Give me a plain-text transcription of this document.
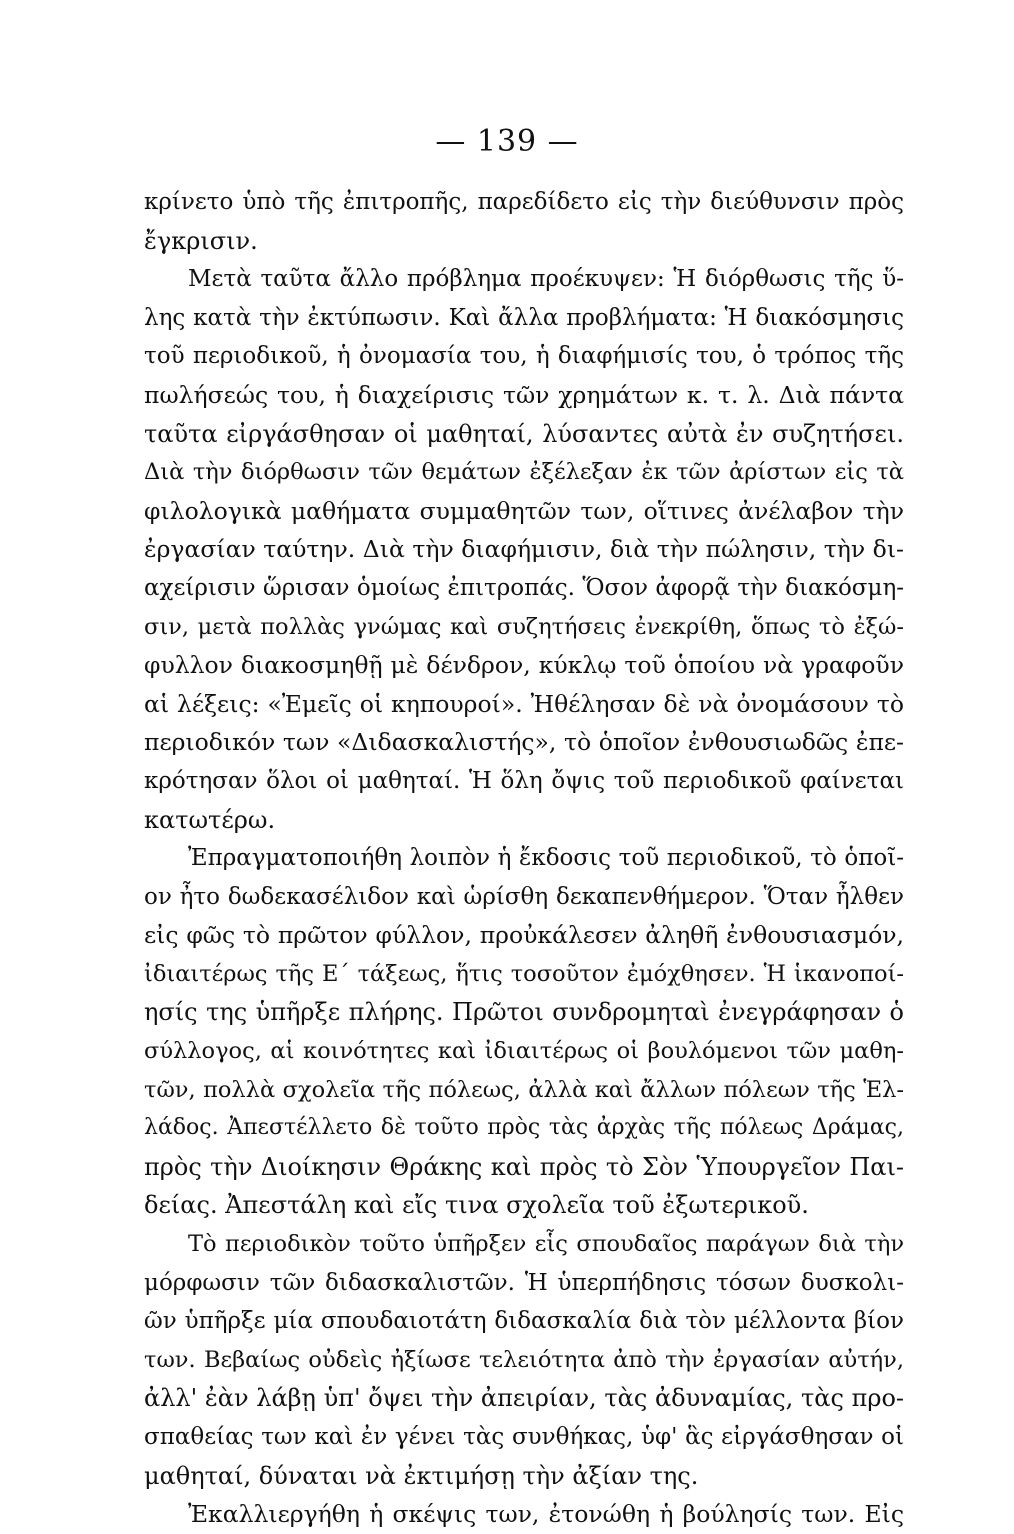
— 139 —
κρίνετο ὑπὸ τῆς ἐπιτροπῆς, παρεδίδετο εἰς τὴν διεύθυνσιν πρὸς
ἔγκρισιν.
Μετὰ ταῦτα ἄλλο πρόβλημα προέκυψεν: Ἡ διόρθωσις τῆς ὕ-
λης κατὰ τὴν ἐκτύπωσιν. Καὶ ἄλλα προβλήματα: Ἡ διακόσμησις
τοῦ περιοδικοῦ, ἡ ὀνομασία του, ἡ διαφήμισίς του, ὁ τρόπος τῆς
πωλήσεώς του, ἡ διαχείρισις τῶν χρημάτων κ. τ. λ. Διὰ πάντα
ταῦτα εἰργάσθησαν οἱ μαθηταί, λύσαντες αὐτὰ ἐν συζητήσει.
Διὰ τὴν διόρθωσιν τῶν θεμάτων ἐξέλεξαν ἐκ τῶν ἀρίστων εἰς τὰ
φιλολογικὰ μαθήματα συμμαθητῶν των, οἵτινες ἀνέλαβον τὴν
ἐργασίαν ταύτην. Διὰ τὴν διαφήμισιν, διὰ τὴν πώλησιν, τὴν δι-
αχείρισιν ὥρισαν ὁμοίως ἐπιτροπάς. Ὅσον ἀφορᾷ τὴν διακόσμη-
σιν, μετὰ πολλὰς γνώμας καὶ συζητήσεις ἐνεκρίθη, ὅπως τὸ ἐξώ-
φυλλον διακοσμηθῇ μὲ δένδρον, κύκλῳ τοῦ ὁποίου νὰ γραφοῦν
αἱ λέξεις: «Ἐμεῖς οἱ κηπουροί». Ἠθέλησαν δὲ νὰ ὀνομάσουν τὸ
περιοδικόν των «Διδασκαλιστής», τὸ ὁποῖον ἐνθουσιωδῶς ἐπε-
κρότησαν ὅλοι οἱ μαθηταί. Ἡ ὅλη ὄψις τοῦ περιοδικοῦ φαίνεται
κατωτέρω.
Ἐπραγματοποιήθη λοιπὸν ἡ ἔκδοσις τοῦ περιοδικοῦ, τὸ ὁποῖ-
ον ἦτο δωδεκασέλιδον καὶ ὡρίσθη δεκαπενθήμερον. Ὅταν ἦλθεν
εἰς φῶς τὸ πρῶτον φύλλον, προὐκάλεσεν ἀληθῆ ἐνθουσιασμόν,
ἰδιαιτέρως τῆς Ε΄ τάξεως, ἥτις τοσοῦτον ἐμόχθησεν. Ἡ ἱκανοποί-
ησίς της ὑπῆρξε πλήρης. Πρῶτοι συνδρομηταὶ ἐνεγράφησαν ὁ
σύλλογος, αἱ κοινότητες καὶ ἰδιαιτέρως οἱ βουλόμενοι τῶν μαθη-
τῶν, πολλὰ σχολεῖα τῆς πόλεως, ἀλλὰ καὶ ἄλλων πόλεων τῆς Ἑλ-
λάδος. Ἀπεστέλλετο δὲ τοῦτο πρὸς τὰς ἀρχὰς τῆς πόλεως Δράμας,
πρὸς τὴν Διοίκησιν Θράκης καὶ πρὸς τὸ Σὸν Ὑπουργεῖον Παι-
δείας. Ἀπεστάλη καὶ εἴς τινα σχολεῖα τοῦ ἐξωτερικοῦ.
Τὸ περιοδικὸν τοῦτο ὑπῆρξεν εἷς σπουδαῖος παράγων διὰ τὴν
μόρφωσιν τῶν διδασκαλιστῶν. Ἡ ὑπερπήδησις τόσων δυσκολι-
ῶν ὑπῆρξε μία σπουδαιοτάτη διδασκαλία διὰ τὸν μέλλοντα βίον
των. Βεβαίως οὐδεὶς ἠξίωσε τελειότητα ἀπὸ τὴν ἐργασίαν αὐτήν,
ἀλλ' ἐὰν λάβῃ ὑπ' ὄψει τὴν ἀπειρίαν, τὰς ἀδυναμίας, τὰς προ-
σπαθείας των καὶ ἐν γένει τὰς συνθήκας, ὑφ' ἃς εἰργάσθησαν οἱ
μαθηταί, δύναται νὰ ἐκτιμήσῃ τὴν ἀξίαν της.
Ἐκαλλιεργήθη ἡ σκέψις των, ἐτονώθη ἡ βούλησίς των. Εἰς
